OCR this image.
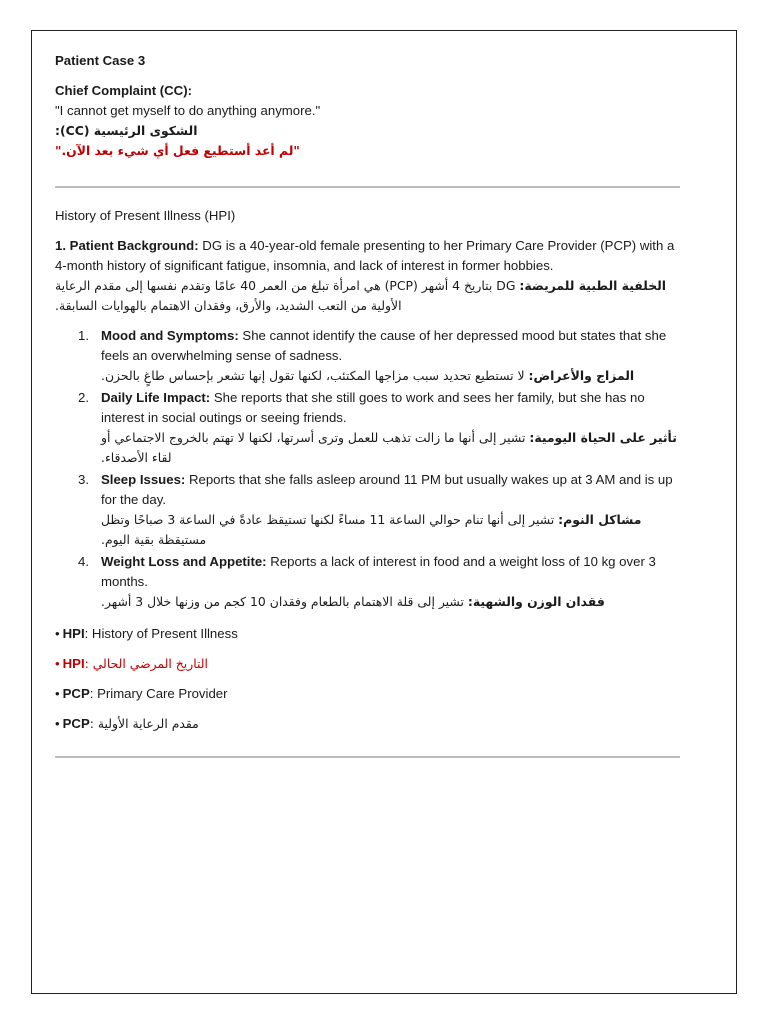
Patient Case 3

Chief Complaint (CC):

"I cannot get myself to do anything anymore."

الشكوى الرئيسية (CC):

"لم أعد أستطيع فعل أي شيء بعد الآن."

History of Present Illness (HPI)

1. Patient Background: DG is a 40-year-old female presenting to her Primary Care Provider (PCP) with a 4-month history of significant fatigue, insomnia, and lack of interest in former hobbies.

الخلفية الطبية للمريضة: DG بتاريخ 4 أشهر (PCP) هي امرأة تبلغ من العمر 40 عامًا وتقدم نفسها إلى مقدم الرعاية الأولية من التعب الشديد، والأرق، وفقدان الاهتمام بالهوايات السابقة.

1. Mood and Symptoms: She cannot identify the cause of her depressed mood but states that she feels an overwhelming sense of sadness.
المزاج والأعراض: لا تستطيع تحديد سبب مزاجها المكتئب، لكنها تقول إنها تشعر بإحساس طاغٍ بالحزن.
2. Daily Life Impact: She reports that she still goes to work and sees her family, but she has no interest in social outings or seeing friends.
تأثير على الحياة اليومية: تشير إلى أنها ما زالت تذهب للعمل وترى أسرتها، لكنها لا تهتم بالخروج الاجتماعي أو لقاء الأصدقاء.
3. Sleep Issues: Reports that she falls asleep around 11 PM but usually wakes up at 3 AM and is up for the day.
مشاكل النوم: تشير إلى أنها تنام حوالي الساعة 11 مساءً لكنها تستيقظ عادةً في الساعة 3 صباحًا وتظل مستيقظة بقية اليوم.
4. Weight Loss and Appetite: Reports a lack of interest in food and a weight loss of 10 kg over 3 months.
فقدان الوزن والشهية: تشير إلى قلة الاهتمام بالطعام وفقدان 10 كجم من وزنها خلال 3 أشهر.

• HPI: History of Present Illness

• HPI: التاريخ المرضي الحالي

• PCP: Primary Care Provider

• PCP: مقدم الرعاية الأولية
